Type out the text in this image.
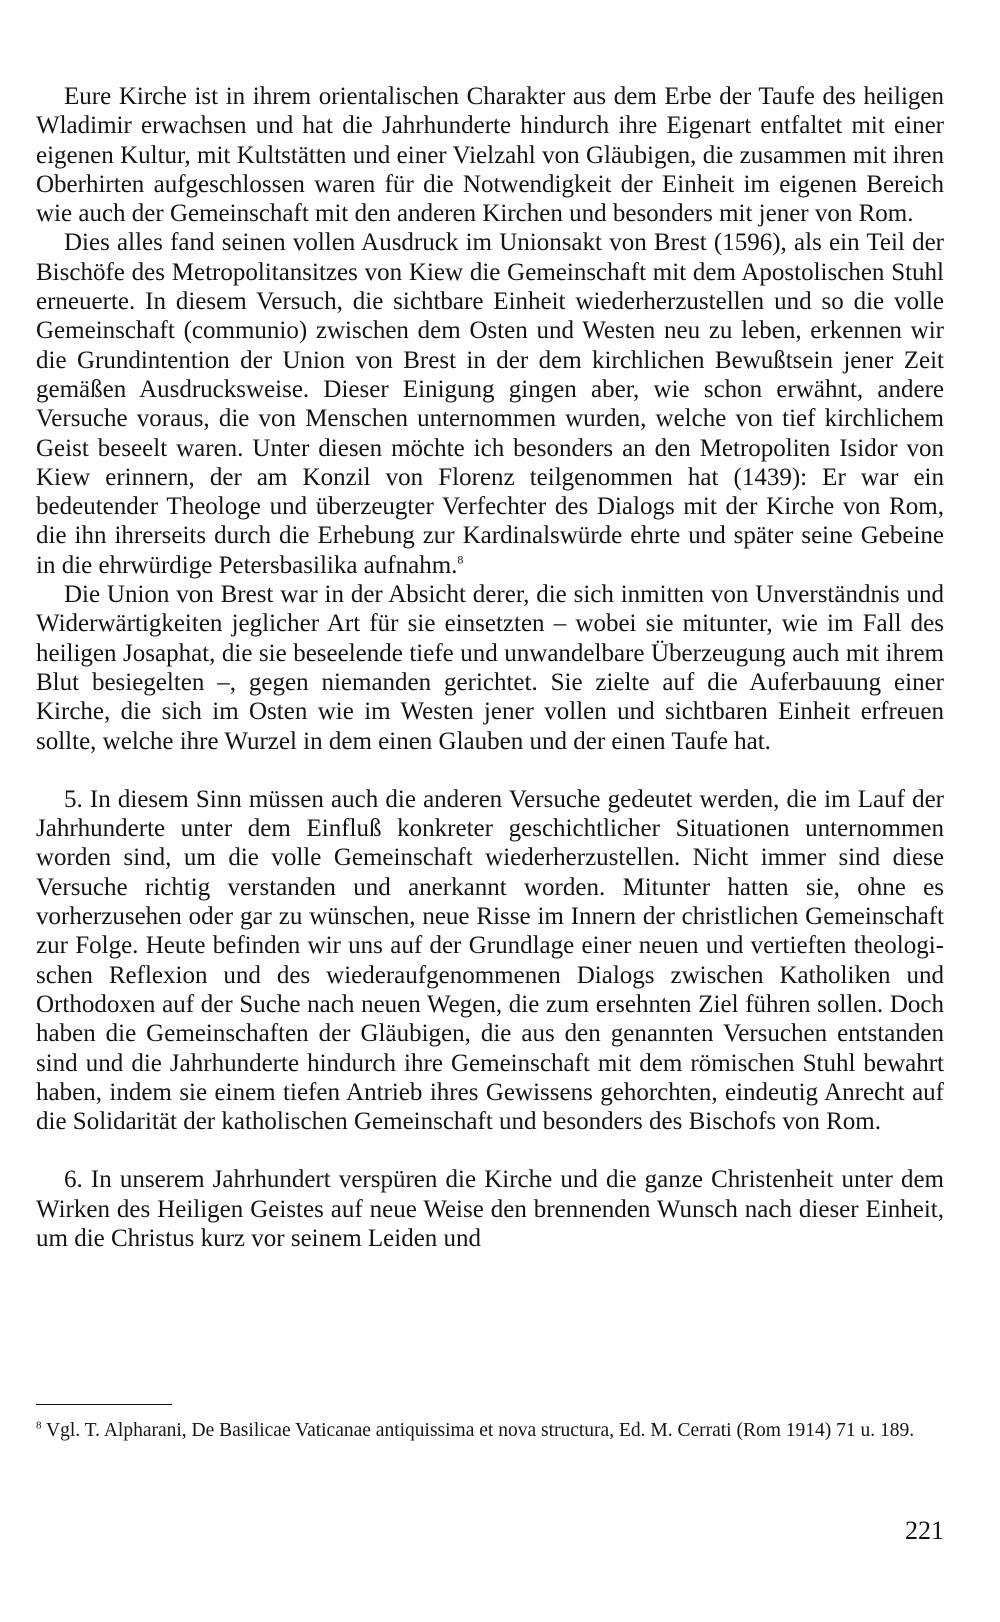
Eure Kirche ist in ihrem orientalischen Charakter aus dem Erbe der Taufe des heiligen Wladimir erwachsen und hat die Jahrhunderte hindurch ihre Eigenart entfaltet mit einer eigenen Kultur, mit Kultstätten und einer Vielzahl von Gläubigen, die zusammen mit ihren Oberhirten aufgeschlossen waren für die Notwendigkeit der Einheit im eigenen Bereich wie auch der Gemeinschaft mit den anderen Kirchen und besonders mit jener von Rom.

Dies alles fand seinen vollen Ausdruck im Unionsakt von Brest (1596), als ein Teil der Bischöfe des Metropolitansitzes von Kiew die Gemeinschaft mit dem Apostolischen Stuhl erneuerte. In diesem Versuch, die sichtbare Einheit wiederherzustellen und so die volle Gemeinschaft (communio) zwischen dem Osten und Westen neu zu leben, erkennen wir die Grundintention der Union von Brest in der dem kirchlichen Bewußtsein jener Zeit gemäßen Ausdrucksweise. Dieser Einigung gingen aber, wie schon erwähnt, andere Versuche voraus, die von Menschen unternommen wurden, welche von tief kirchlichem Geist beseelt waren. Unter diesen möchte ich besonders an den Metropoliten Isidor von Kiew erinnern, der am Konzil von Florenz teilgenommen hat (1439): Er war ein bedeutender Theologe und überzeugter Verfechter des Dialogs mit der Kirche von Rom, die ihn ihrerseits durch die Erhebung zur Kardinalswürde ehrte und später seine Gebeine in die ehrwürdige Petersbasilika aufnahm.$^8$

Die Union von Brest war in der Absicht derer, die sich inmitten von Unverständnis und Widerwärtigkeiten jeglicher Art für sie einsetzten – wobei sie mitunter, wie im Fall des heiligen Josaphat, die sie beseelende tiefe und unwandelbare Überzeugung auch mit ihrem Blut besiegelten –, gegen niemanden gerichtet. Sie zielte auf die Auferbauung einer Kirche, die sich im Osten wie im Westen jener vollen und sichtbaren Einheit erfreuen sollte, welche ihre Wurzel in dem einen Glauben und der einen Taufe hat.

5. In diesem Sinn müssen auch die anderen Versuche gedeutet werden, die im Lauf der Jahrhunderte unter dem Einfluß konkreter geschichtlicher Situationen unternommen worden sind, um die volle Gemeinschaft wiederherzustellen. Nicht immer sind diese Versuche richtig verstanden und anerkannt worden. Mitunter hatten sie, ohne es vorherzusehen oder gar zu wünschen, neue Risse im Innern der christlichen Gemeinschaft zur Folge. Heute befinden wir uns auf der Grundlage einer neuen und vertieften theologischen Reflexion und des wiederaufgenommenen Dialogs zwischen Katholiken und Orthodoxen auf der Suche nach neuen Wegen, die zum ersehnten Ziel führen sollen. Doch haben die Gemeinschaften der Gläubigen, die aus den genannten Versuchen entstanden sind und die Jahrhunderte hindurch ihre Gemeinschaft mit dem römischen Stuhl bewahrt haben, indem sie einem tiefen Antrieb ihres Gewissens gehorchten, eindeutig Anrecht auf die Solidarität der katholischen Gemeinschaft und besonders des Bischofs von Rom.

6. In unserem Jahrhundert verspüren die Kirche und die ganze Christenheit unter dem Wirken des Heiligen Geistes auf neue Weise den brennenden Wunsch nach dieser Einheit, um die Christus kurz vor seinem Leiden und

$^8$ Vgl. T. Alpharani, De Basilicae Vaticanae antiquissima et nova structura, Ed. M. Cerrati (Rom 1914) 71 u. 189.
221
